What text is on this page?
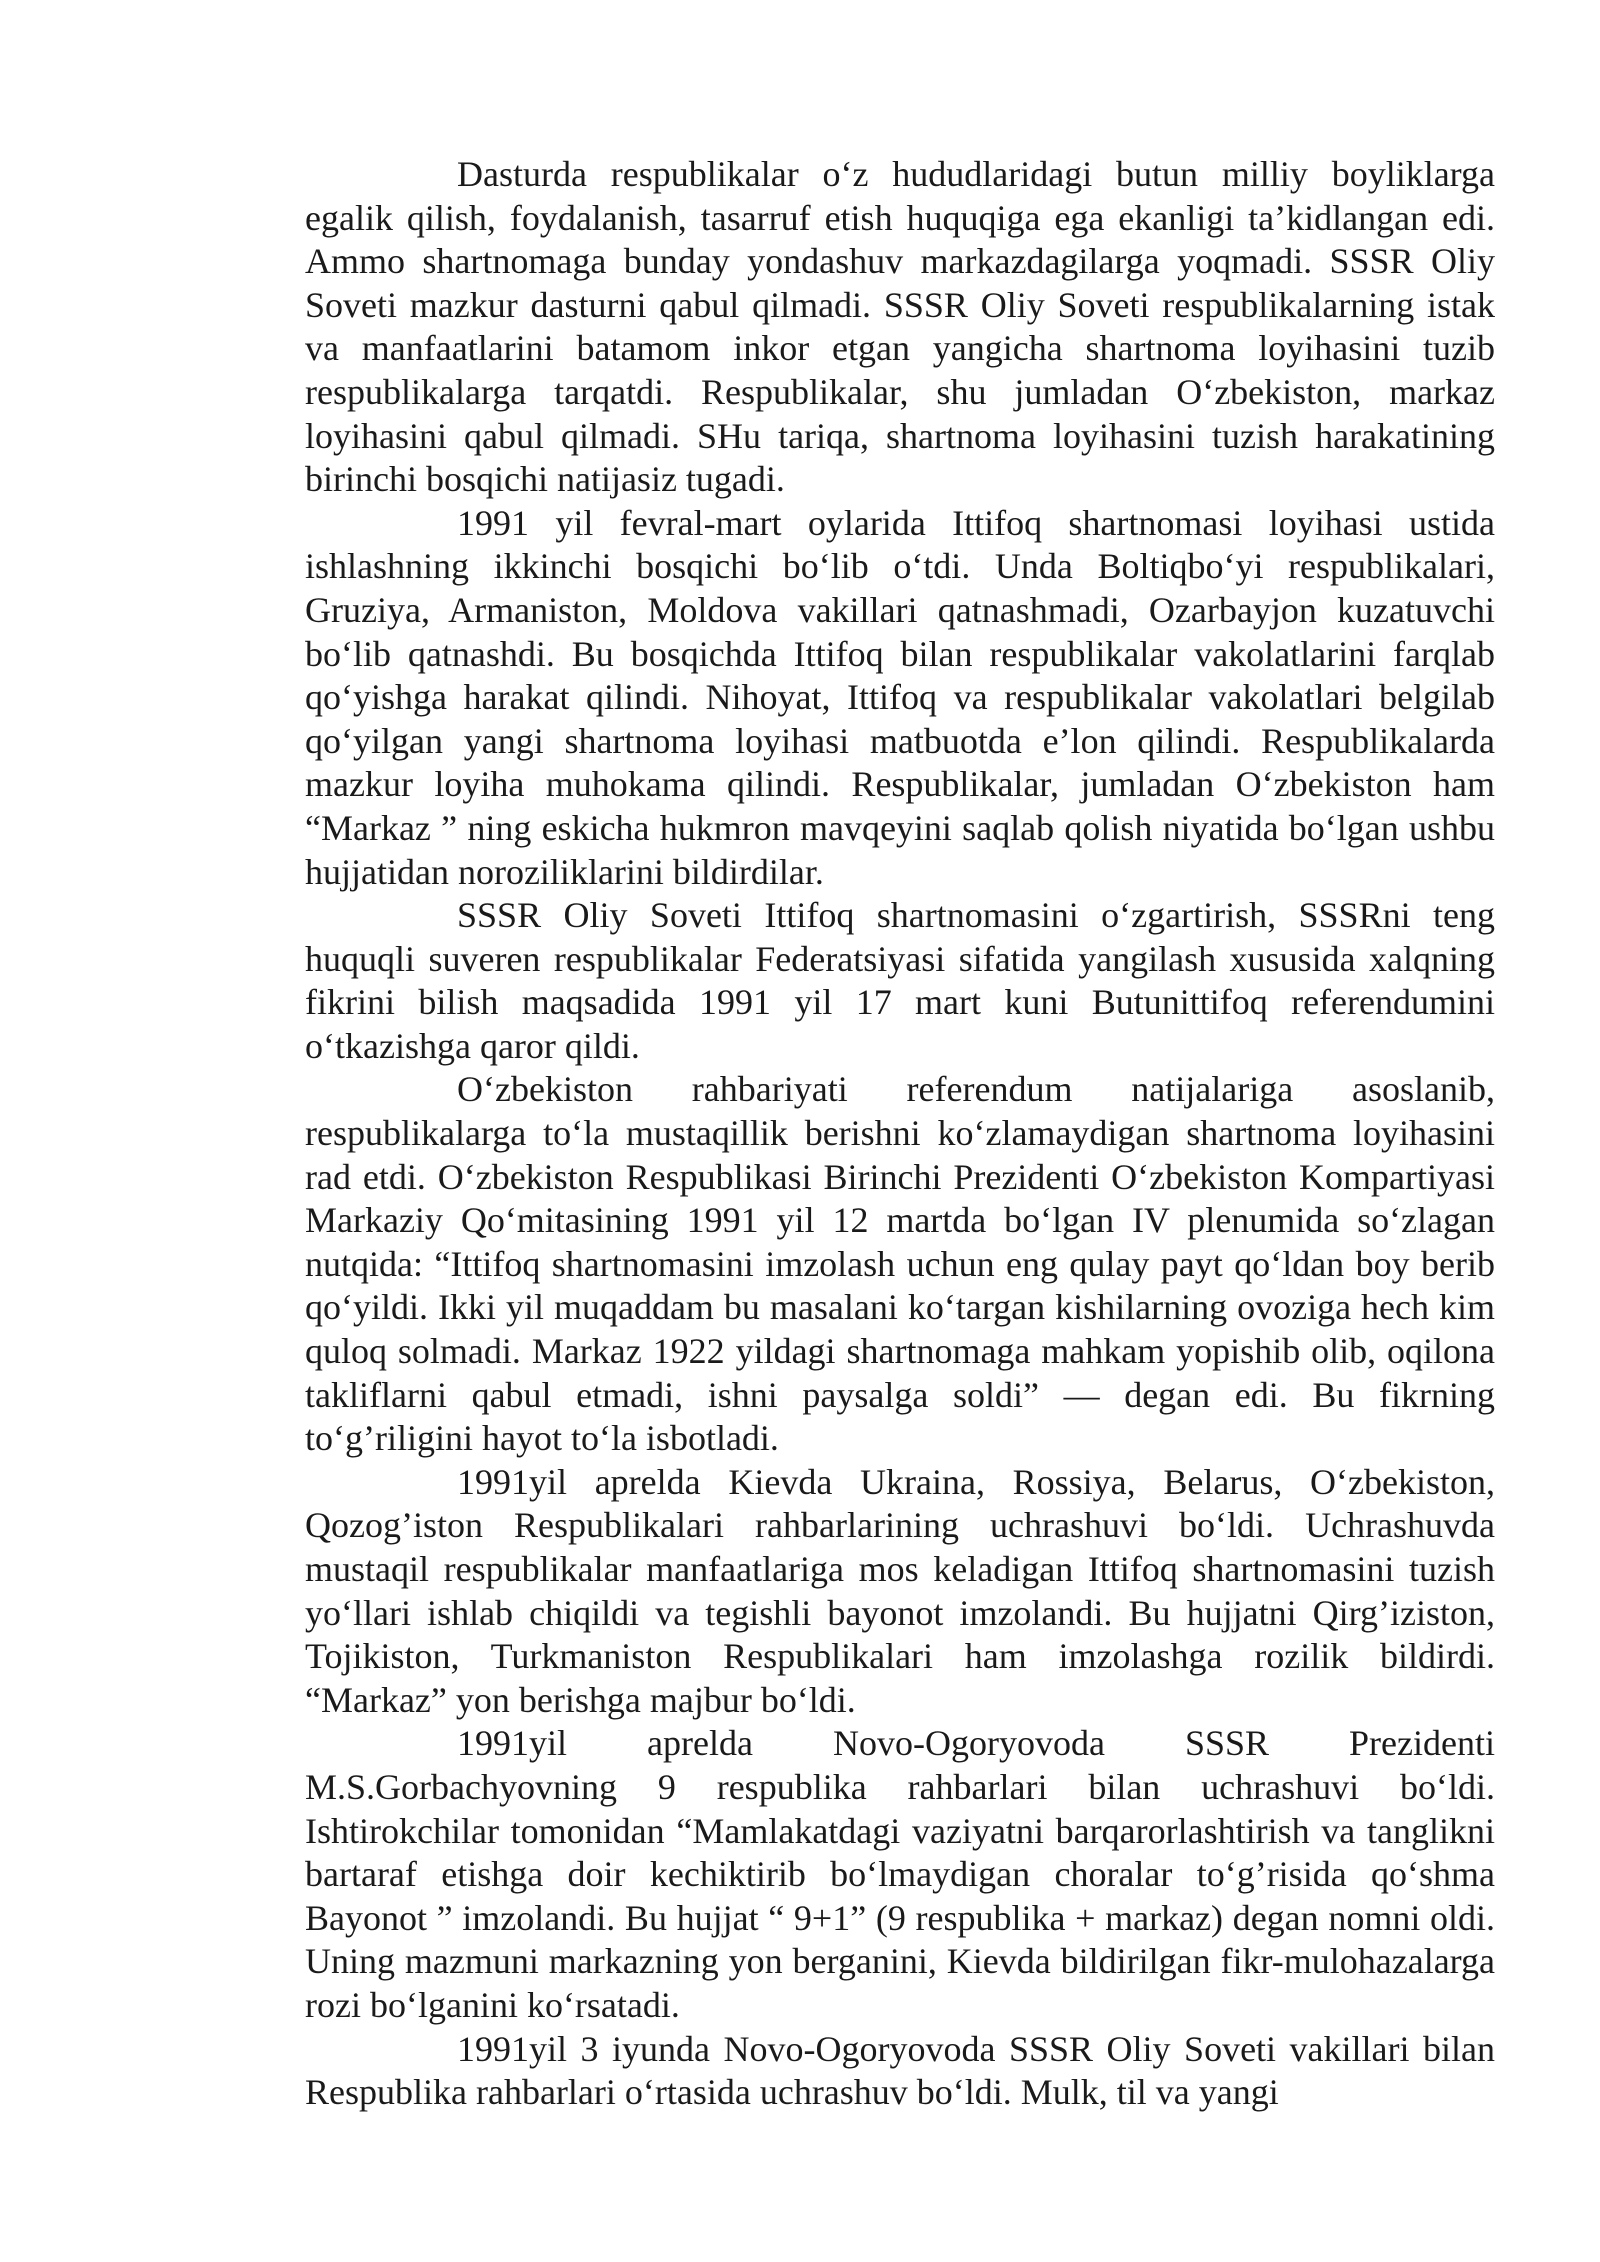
Dasturda respublikalar o‘z hududlaridagi butun milliy boyliklarga egalik qilish, foydalanish, tasarruf etish huquqiga ega ekanligi ta’kidlangan edi. Ammo shartnomaga bunday yondashuv markazdagilarga yoqmadi. SSSR Oliy Soveti mazkur dasturni qabul qilmadi. SSSR Oliy Soveti respublikalarning istak va manfaatlarini batamom inkor etgan yangicha shartnoma loyihasini tuzib respublikalarga tarqatdi. Respublikalar, shu jumladan O‘zbekiston, markaz loyihasini qabul qilmadi. SHu tariqa, shartnoma loyihasini tuzish harakatining birinchi bosqichi natijasiz tugadi.

1991 yil fevral-mart oylarida Ittifoq shartnomasi loyihasi ustida ishlashning ikkinchi bosqichi bo‘lib o‘tdi. Unda Boltiqbo‘yi respublikalari, Gruziya, Armaniston, Moldova vakillari qatnashmadi, Ozarbayjon kuzatuvchi bo‘lib qatnashdi. Bu bosqichda Ittifoq bilan respublikalar vakolatlarini farqlab qo‘yishga harakat qilindi. Nihoyat, Ittifoq va respublikalar vakolatlari belgilab qo‘yilgan yangi shartnoma loyihasi matbuotda e’lon qilindi. Respublikalarda mazkur loyiha muhokama qilindi. Respublikalar, jumladan O‘zbekiston ham “Markaz ” ning eskicha hukmron mavqeyini saqlab qolish niyatida bo‘lgan ushbu hujjatidan noroziliklarini bildirdilar.

SSSR Oliy Soveti Ittifoq shartnomasini o‘zgartirish, SSSRni teng huquqli suveren respublikalar Federatsiyasi sifatida yangilash xususida xalqning fikrini bilish maqsadida 1991 yil 17 mart kuni Butunittifoq referendumini o‘tkazishga qaror qildi.

O‘zbekiston rahbariyati referendum natijalariga asoslanib, respublikalarga to‘la mustaqillik berishni ko‘zlamaydigan shartnoma loyihasini rad etdi. O‘zbekiston Respublikasi Birinchi Prezidenti O‘zbekiston Kompartiyasi Markaziy Qo‘mitasining 1991 yil 12 martda bo‘lgan IV plenumida so‘zlagan nutqida: “Ittifoq shartnomasini imzolash uchun eng qulay payt qo‘ldan boy berib qo‘yildi. Ikki yil muqaddam bu masalani ko‘targan kishilarning ovoziga hech kim quloq solmadi. Markaz 1922 yildagi shartnomaga mahkam yopishib olib, oqilona takliflarni qabul etmadi, ishni paysalga soldi” — degan edi. Bu fikrning to‘g’riligini hayot to‘la isbotladi.

1991yil aprelda Kievda Ukraina, Rossiya, Belarus, O‘zbekiston, Qozog’iston Respublikalari rahbarlarining uchrashuvi bo‘ldi. Uchrashuvda mustaqil respublikalar manfaatlariga mos keladigan Ittifoq shartnomasini tuzish yo‘llari ishlab chiqildi va tegishli bayonot imzolandi. Bu hujjatni Qirg’iziston, Tojikiston, Turkmaniston Respublikalari ham imzolashga rozilik bildirdi. “Markaz” yon berishga majbur bo‘ldi.

1991yil aprelda Novo-Ogoryovoda SSSR Prezidenti M.S.Gorbachyovning 9 respublika rahbarlari bilan uchrashuvi bo‘ldi. Ishtirokchilar tomonidan “Mamlakatdagi vaziyatni barqarorlashtirish va tanglikni bartaraf etishga doir kechiktirib bo‘lmaydigan choralar to‘g’risida qo‘shma Bayonot ” imzolandi. Bu hujjat “ 9+1” (9 respublika + markaz) degan nomni oldi. Uning mazmuni markazning yon berganini, Kievda bildirilgan fikr-mulohazalarga rozi bo‘lganini ko‘rsatadi.

1991yil 3 iyunda Novo-Ogoryovoda SSSR Oliy Soveti vakillari bilan Respublika rahbarlari o‘rtasida uchrashuv bo‘ldi. Mulk, til va yangi
